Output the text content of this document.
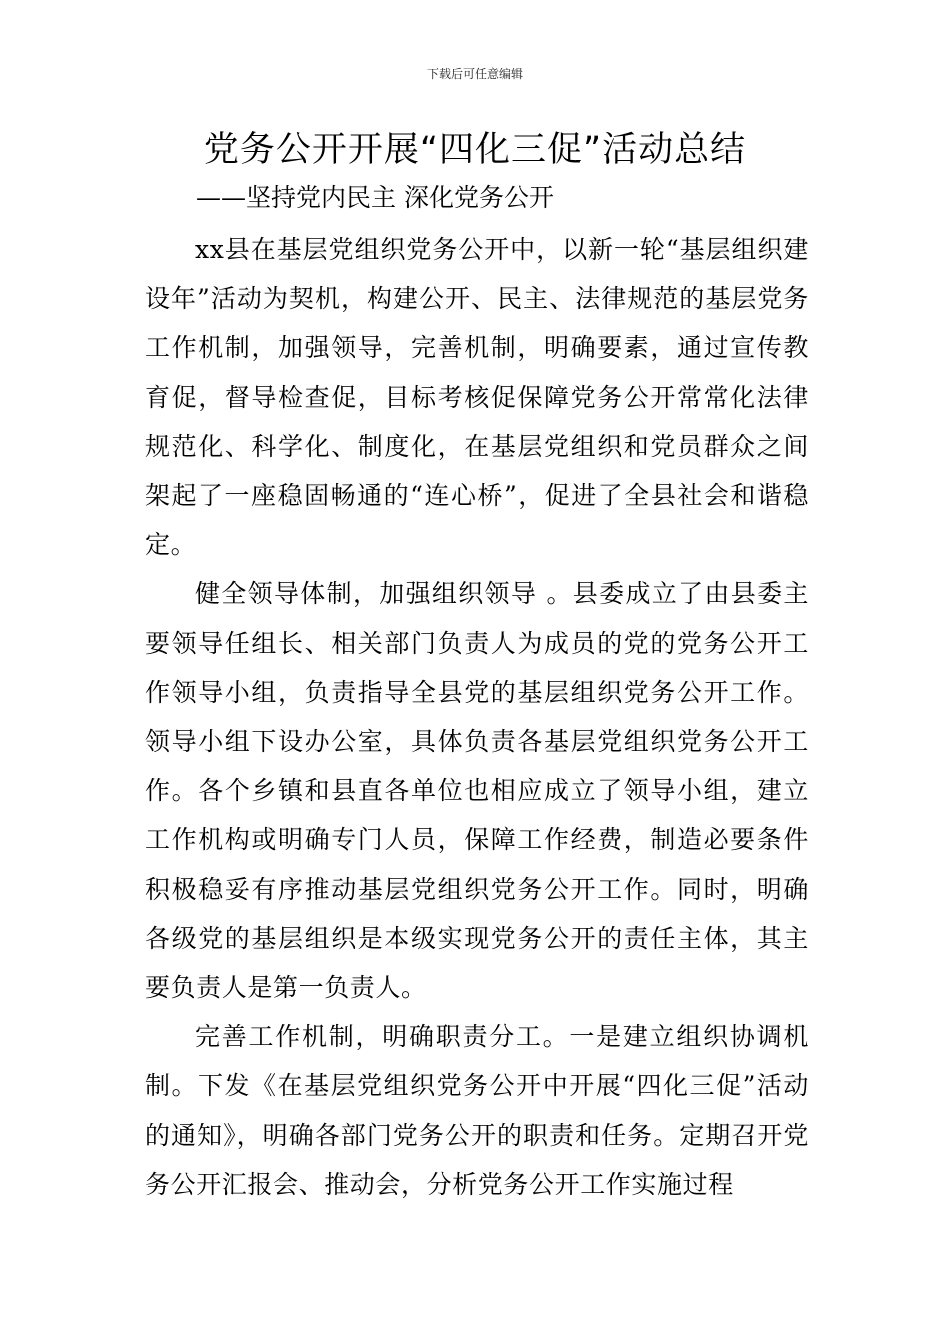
下载后可任意编辑
党务公开开展“四化三促”活动总结

——坚持党内民主 深化党务公开

xx县在基层党组织党务公开中，以新一轮“基层组织建设年”活动为契机，构建公开、民主、法律规范的基层党务工作机制，加强领导，完善机制，明确要素，通过宣传教育促，督导检查促，目标考核促保障党务公开常常化法律规范化、科学化、制度化，在基层党组织和党员群众之间架起了一座稳固畅通的“连心桥”，促进了全县社会和谐稳定。

健全领导体制，加强组织领导 。县委成立了由县委主要领导任组长、相关部门负责人为成员的党的党务公开工作领导小组，负责指导全县党的基层组织党务公开工作。领导小组下设办公室，具体负责各基层党组织党务公开工作。各个乡镇和县直各单位也相应成立了领导小组，建立工作机构或明确专门人员，保障工作经费，制造必要条件积极稳妥有序推动基层党组织党务公开工作。同时，明确各级党的基层组织是本级实现党务公开的责任主体，其主要负责人是第一负责人。

完善工作机制，明确职责分工。一是建立组织协调机制。下发《在基层党组织党务公开中开展“四化三促”活动的通知》，明确各部门党务公开的职责和任务。定期召开党务公开汇报会、推动会，分析党务公开工作实施过程
